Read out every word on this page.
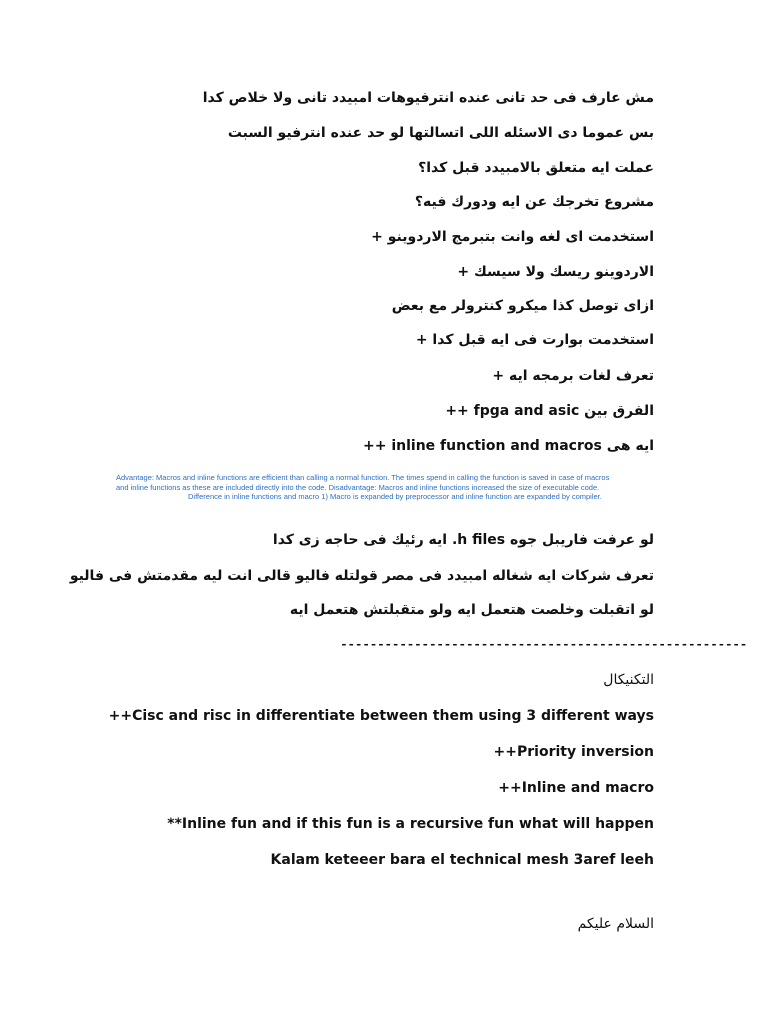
مش عارف فى حد تانى عنده انترفيوهات امبيدد تانى ولا خلاص كدا
بس عموما دى الاسئله اللى اتسالتها لو حد عنده انترفيو السبت
عملت ايه متعلق بالامبيدد قبل كدا؟
مشروع تخرجك عن ايه ودورك فيه؟
استخدمت اى لغه وانت بتبرمج الاردوينو +
الاردوينو ريسك ولا سيسك +
ازاى توصل كذا ميكرو كنترولر مع بعض
استخدمت بوارت فى ايه قبل كدا +
تعرف لغات برمجه ايه +
الفرق بين fpga and asic ++
ايه هى inline function and macros ++
Advantage: Macros and inline functions are efficient than calling a normal function. The times spend in calling the function is saved in case of macros
and inline functions as these are included directly into the code. Disadvantage: Macros and inline functions increased the size of executable code.
Difference in inline functions and macro 1) Macro is expanded by preprocessor and inline function are expanded by compiler.
لو عرفت فاريبل جوه h files. ايه رئيك فى حاجه زى كدا
تعرف شركات ايه شغاله امبيدد فى مصر قولتله فاليو قالى انت ليه مقدمتش فى فاليو
لو اتقبلت وخلصت هتعمل ايه ولو متقبلتش هتعمل ايه
-------------------------------------------------------
التكنيكال
++Cisc and risc in differentiate between them using 3 different ways
++Priority inversion
++Inline and macro
**Inline fun and if this fun is a recursive fun what will happen
Kalam keteeer bara el technical mesh 3aref leeh
السلام عليكم
